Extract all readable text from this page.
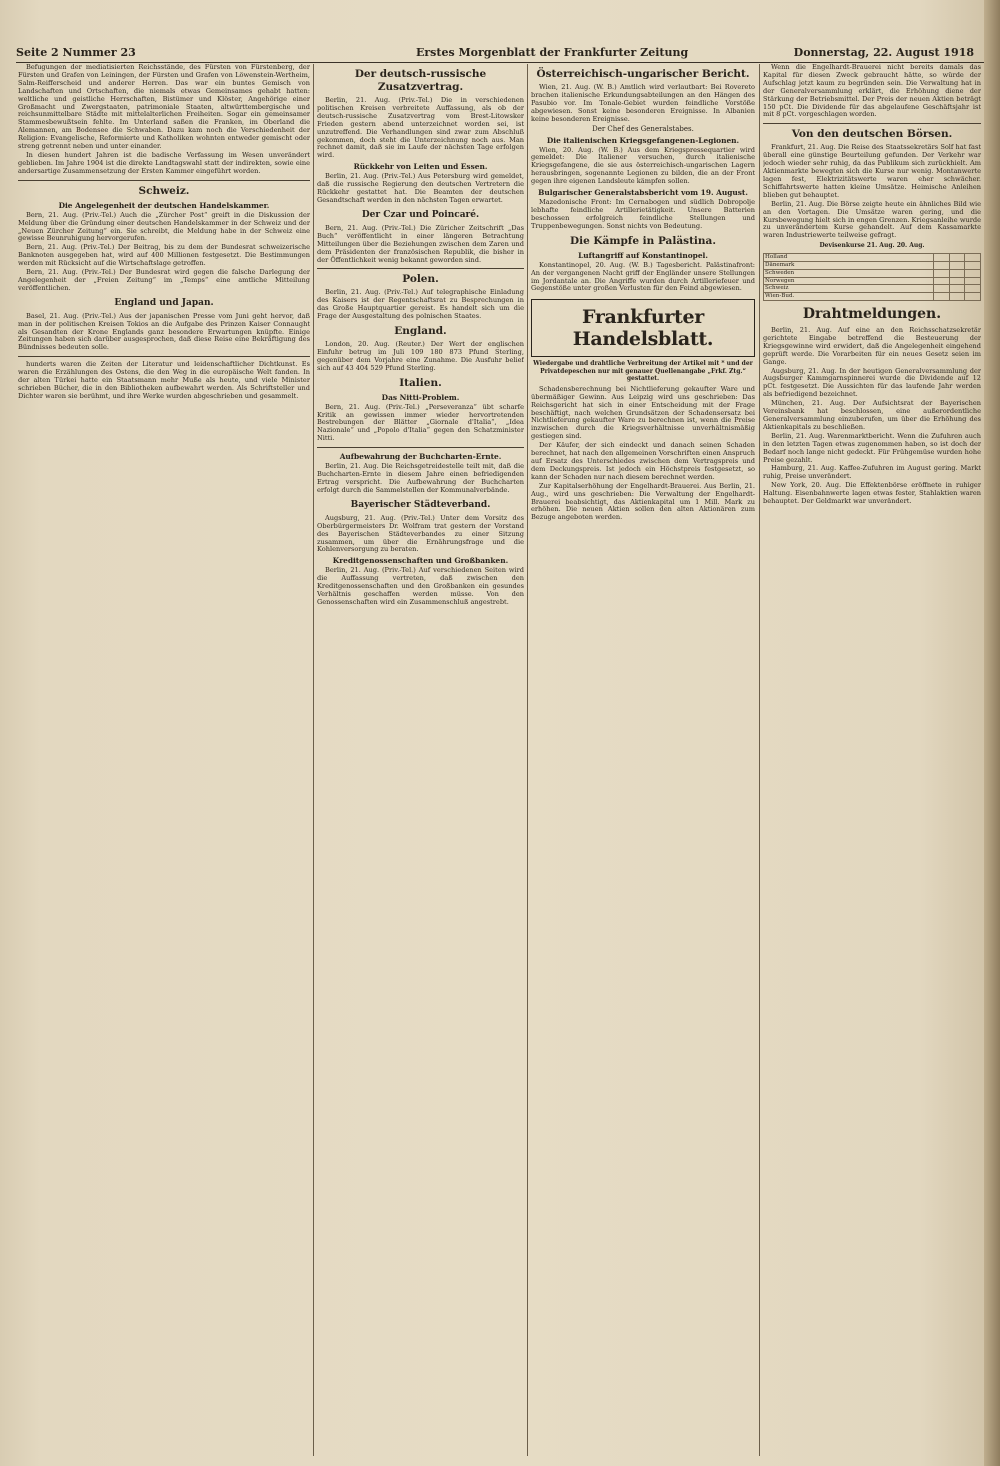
Seite 2 Nummer 23	Erstes Morgenblatt der Frankfurter Zeitung	Donnerstag, 22. August 1918

Befugungen der mediatisierten Reichsstände, des Fürsten von Fürstenberg, der Fürsten und Grafen von Leiningen, der Fürsten und Grafen von Löwenstein-Wertheim, Salm-Reifferscheid und anderer Herren. Das war ein buntes Gemisch von Landschaften und Ortschaften, die niemals etwas Gemeinsames gehabt hatten: weltliche und geistliche Herrschaften, Bistümer und Klöster, Angehörige einer Großmacht und Zwergstaaten, patrimoniale Staaten, altwürttembergische und reichsunmittelbare Städte mit mittelalterlichen Freiheiten. Sogar ein gemeinsamer Stammesbewußtsein fehlte. Im Unterland saßen die Franken, im Oberland die Alemannen, am Bodensee die Schwaben. Dazu kam noch die Verschiedenheit der Religion: Evangelische, Reformierte und Katholiken wohnten entweder gemischt oder streng getrennt neben und unter einander.

In diesen hundert Jahren ist die badische Verfassung im Wesen unverändert geblieben. Im Jahre 1904 ist die direkte Landtagswahl statt der indirekten, sowie eine andersartige Zusammensetzung der Ersten Kammer eingeführt worden.

Schweiz.
Die Angelegenheit der deutschen Handelskammer.

Bern, 21. Aug. (Priv.-Tel.) Auch die „Zürcher Post“ greift in die Diskussion der Meldung über die Gründung einer deutschen Handelskammer in der Schweiz und der „Neuen Zürcher Zeitung“ ein. Sie schreibt, die Meldung habe in der Schweiz eine gewisse Beunruhigung hervorgerufen.

Bern, 21. Aug. (Priv.-Tel.) Der Beitrag, bis zu dem der Bundesrat schweizerische Banknoten ausgegeben hat, wird auf 400 Millionen festgesetzt. Die Bestimmungen werden mit Rücksicht auf die Wirtschaftslage getroffen.

Bern, 21. Aug. (Priv.-Tel.) Der Bundesrat wird gegen die falsche Darlegung der Angelegenheit der „Freien Zeitung“ im „Temps“ eine amtliche Mitteilung veröffentlichen.

England und Japan.

Basel, 21. Aug. (Priv.-Tel.) Aus der japanischen Presse vom Juni geht hervor, daß man in der politischen Kreisen Tokios an die Aufgabe des Prinzen Kaiser Connaught als Gesandten der Krone Englands ganz besondere Erwartungen knüpfte. Einige Zeitungen haben sich darüber ausgesprochen, daß diese Reise eine Bekräftigung des Bündnisses bedeuten solle.

hunderts waren die Zeiten der Literatur und leidenschaftlicher Dichtkunst. Es waren die Erzählungen des Ostens, die den Weg in die europäische Welt fanden. In der alten Türkei hatte ein Staatsmann mehr Muße als heute, und viele Minister schrieben Bücher, die in den Bibliotheken aufbewahrt werden. Als Schriftsteller und Dichter waren sie berühmt, und ihre Werke wurden abgeschrieben und gesammelt.

Der deutsch-russische Zusatzvertrag.

Berlin, 21. Aug. (Priv.-Tel.) Die in verschiedenen politischen Kreisen verbreitete Auffassung, als ob der deutsch-russische Zusatzvertrag vom Brest-Litowsker Frieden gestern abend unterzeichnet worden sei, ist unzutreffend. Die Verhandlungen sind zwar zum Abschluß gekommen, doch steht die Unterzeichnung noch aus. Man rechnet damit, daß sie im Laufe der nächsten Tage erfolgen wird.

Rückkehr von Leiten und Essen.

Berlin, 21. Aug. (Priv.-Tel.) Aus Petersburg wird gemeldet, daß die russische Regierung den deutschen Vertretern die Rückkehr gestattet hat. Die Beamten der deutschen Gesandtschaft werden in den nächsten Tagen erwartet.

Der Czar und Poincaré.

Bern, 21. Aug. (Priv.-Tel.) Die Züricher Zeitschrift „Das Buch“ veröffentlicht in einer längeren Betrachtung Mitteilungen über die Beziehungen zwischen dem Zaren und dem Präsidenten der französischen Republik, die bisher in der Öffentlichkeit wenig bekannt geworden sind.

Polen.

Berlin, 21. Aug. (Priv.-Tel.) Auf telegraphische Einladung des Kaisers ist der Regentschaftsrat zu Besprechungen in das Große Hauptquartier gereist. Es handelt sich um die Frage der Ausgestaltung des polnischen Staates.

England.

London, 20. Aug. (Reuter.) Der Wert der englischen Einfuhr betrug im Juli 109 180 873 Pfund Sterling, gegenüber dem Vorjahre eine Zunahme. Die Ausfuhr belief sich auf 43 404 529 Pfund Sterling.

Italien.
Das Nitti-Problem.

Bern, 21. Aug. (Priv.-Tel.) „Perseveranza“ übt scharfe Kritik an gewissen immer wieder hervortretenden Bestrebungen der Blätter „Giornale d'Italia“, „Idea Nazionale“ und „Popolo d'Italia“ gegen den Schatzminister Nitti.

Aufbewahrung der Buchcharten-Ernte.

Berlin, 21. Aug. Die Reichsgetreidestelle teilt mit, daß die Buchcharten-Ernte in diesem Jahre einen befriedigenden Ertrag verspricht. Die Aufbewahrung der Buchcharten erfolgt durch die Sammelstellen der Kommunalverbände.

Bayerischer Städteverband.

Augsburg, 21. Aug. (Priv.-Tel.) Unter dem Vorsitz des Oberbürgermeisters Dr. Wolfram trat gestern der Vorstand des Bayerischen Städteverbandes zu einer Sitzung zusammen, um über die Ernährungsfrage und die Kohlenversorgung zu beraten.

Kreditgenossenschaften und Großbanken.

Berlin, 21. Aug. (Priv.-Tel.) Auf verschiedenen Seiten wird die Auffassung vertreten, daß zwischen den Kreditgenossenschaften und den Großbanken ein gesundes Verhältnis geschaffen werden müsse. Von den Genossenschaften wird ein Zusammenschluß angestrebt.

Österreichisch-ungarischer Bericht.

Wien, 21. Aug. (W. B.) Amtlich wird verlautbart: Bei Rovereto brachen italienische Erkundungsabteilungen an den Hängen des Pasubio vor. Im Tonale-Gebiet wurden feindliche Vorstöße abgewiesen. Sonst keine besonderen Ereignisse. In Albanien keine besonderen Ereignisse.

Der Chef des Generalstabes.
Die italienischen Kriegsgefangenen-Legionen.

Wien, 20. Aug. (W. B.) Aus dem Kriegspressequartier wird gemeldet: Die Italiener versuchen, durch italienische Kriegsgefangene, die sie aus österreichisch-ungarischen Lagern herausbringen, sogenannte Legionen zu bilden, die an der Front gegen ihre eigenen Landsleute kämpfen sollen.

Bulgarischer Generalstabsbericht vom 19. August.

Mazedonische Front: Im Cernabogen und südlich Dobropolje lebhafte feindliche Artillerietätigkeit. Unsere Batterien beschossen erfolgreich feindliche Stellungen und Truppenbewegungen. Sonst nichts von Bedeutung.

Die Kämpfe in Palästina.
Luftangriff auf Konstantinopel.

Konstantinopel, 20. Aug. (W. B.) Tagesbericht. Palästinafront: An der vergangenen Nacht griff der Engländer unsere Stellungen im Jordantale an. Die Angriffe wurden durch Artilleriefeuer und Gegenstöße unter großen Verlusten für den Feind abgewiesen.

Frankfurter Handelsblatt.
Wiedergabe und drahtliche Verbreitung der Artikel mit * und der Privatdepeschen nur mit genauer Quellenangabe „Frkf. Ztg.“ gestattet.

Schadensberechnung bei Nichtlieferung gekaufter Ware und übermäßiger Gewinn. Aus Leipzig wird uns geschrieben: Das Reichsgericht hat sich in einer Entscheidung mit der Frage beschäftigt, nach welchen Grundsätzen der Schadensersatz bei Nichtlieferung gekaufter Ware zu berechnen ist, wenn die Preise inzwischen durch die Kriegsverhältnisse unverhältnismäßig gestiegen sind.

Der Käufer, der sich eindeckt und danach seinen Schaden berechnet, hat nach den allgemeinen Vorschriften einen Anspruch auf Ersatz des Unterschiedes zwischen dem Vertragspreis und dem Deckungspreis. Ist jedoch ein Höchstpreis festgesetzt, so kann der Schaden nur nach diesem berechnet werden.

Zur Kapitalserhöhung der Engelhardt-Brauerei. Aus Berlin, 21. Aug., wird uns geschrieben: Die Verwaltung der Engelhardt-Brauerei beabsichtigt, das Aktienkapital um 1 Mill. Mark zu erhöhen. Die neuen Aktien sollen den alten Aktionären zum Bezuge angeboten werden.

Wenn die Engelhardt-Brauerei nicht bereits damals das Kapital für diesen Zweck gebraucht hätte, so würde der Aufschlag jetzt kaum zu begründen sein. Die Verwaltung hat in der Generalversammlung erklärt, die Erhöhung diene der Stärkung der Betriebsmittel. Der Preis der neuen Aktien beträgt 150 pCt. Die Dividende für das abgelaufene Geschäftsjahr ist mit 8 pCt. vorgeschlagen worden.

Von den deutschen Börsen.

Frankfurt, 21. Aug. Die Reise des Staatssekretärs Solf hat fast überall eine günstige Beurteilung gefunden. Der Verkehr war jedoch wieder sehr ruhig, da das Publikum sich zurückhielt. Am Aktienmarkte bewegten sich die Kurse nur wenig. Montanwerte lagen fest, Elektrizitätswerte waren eher schwächer. Schiffahrtswerte hatten kleine Umsätze. Heimische Anleihen blieben gut behauptet.

Berlin, 21. Aug. Die Börse zeigte heute ein ähnliches Bild wie an den Vortagen. Die Umsätze waren gering, und die Kursbewegung hielt sich in engen Grenzen. Kriegsanleihe wurde zu unverändertem Kurse gehandelt. Auf dem Kassamarkte waren Industriewerte teilweise gefragt.

Devisenkurse 21. Aug. 20. Aug.
Holland			
Dänemark			
Schweden			
Norwegen			
Schweiz			
Wien-Bud.			
Drahtmeldungen.

Berlin, 21. Aug. Auf eine an den Reichsschatzsekretär gerichtete Eingabe betreffend die Besteuerung der Kriegsgewinne wird erwidert, daß die Angelegenheit eingehend geprüft werde. Die Vorarbeiten für ein neues Gesetz seien im Gange.

Augsburg, 21. Aug. In der heutigen Generalversammlung der Augsburger Kammgarnspinnerei wurde die Dividende auf 12 pCt. festgesetzt. Die Aussichten für das laufende Jahr werden als befriedigend bezeichnet.

München, 21. Aug. Der Aufsichtsrat der Bayerischen Vereinsbank hat beschlossen, eine außerordentliche Generalversammlung einzuberufen, um über die Erhöhung des Aktienkapitals zu beschließen.

Berlin, 21. Aug. Warenmarktbericht. Wenn die Zufuhren auch in den letzten Tagen etwas zugenommen haben, so ist doch der Bedarf noch lange nicht gedeckt. Für Frühgemüse wurden hohe Preise gezahlt.

Hamburg, 21. Aug. Kaffee-Zufuhren im August gering. Markt ruhig, Preise unverändert.

New York, 20. Aug. Die Effektenbörse eröffnete in ruhiger Haltung. Eisenbahnwerte lagen etwas fester, Stahlaktien waren behauptet. Der Geldmarkt war unverändert.
